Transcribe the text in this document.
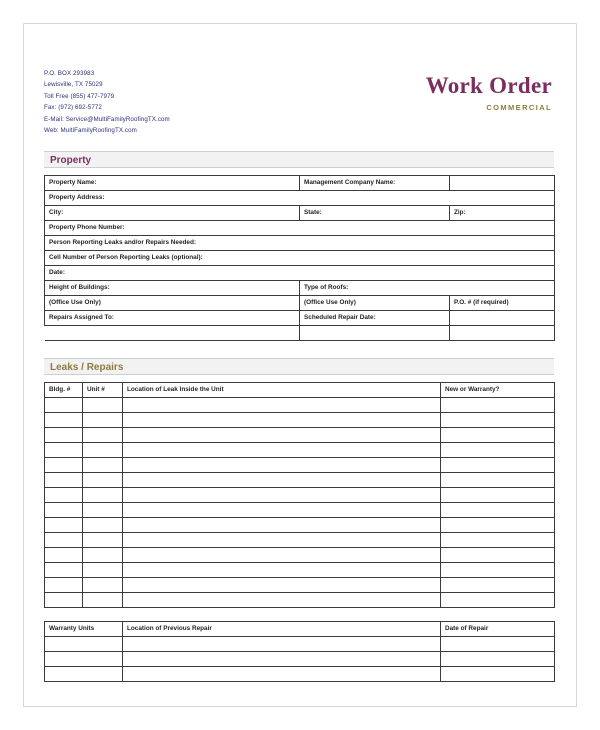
P.O. BOX 293983
Lewisville, TX 75029
Toll Free (855) 477-7979
Fax: (972) 692-5772
E-Mail: Service@MultiFamilyRoofingTX.com
Web: MultiFamilyRoofingTX.com
Work Order
COMMERCIAL
Property
Property Name:	Management Company Name:	
Property Address:		
City:	State:	Zip:
Property Phone Number:		
Person Reporting Leaks and/or Repairs Needed:		
Cell Number of Person Reporting Leaks (optional):		
Date:		
Height of Buildings:	Type of Roofs:	
(Office Use Only)	(Office Use Only)	P.O. # (if required)
Repairs Assigned To:	Scheduled Repair Date:	

Leaks / Repairs
Bldg. #	Unit #	Location of Leak Inside the Unit	New or Warranty?

Warranty Units	Location of Previous Repair	Date of Repair
